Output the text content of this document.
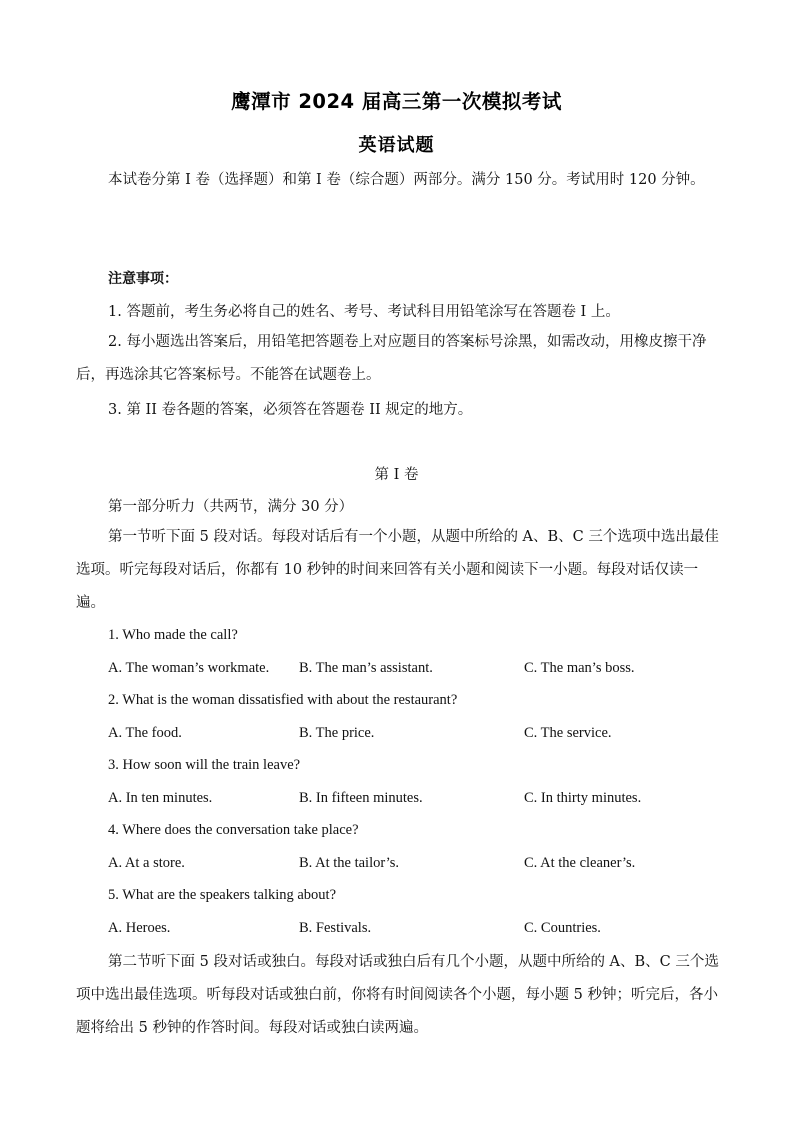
鹰潭市 2024 届高三第一次模拟考试
英语试题

本试卷分第 I 卷（选择题）和第 I 卷（综合题）两部分。满分 150 分。考试用时 120 分钟。

注意事项：
1. 答题前，考生务必将自己的姓名、考号、考试科目用铅笔涂写在答题卷 I 上。

2. 每小题选出答案后，用铅笔把答题卷上对应题目的答案标号涂黑，如需改动，用橡皮擦干净后，再选涂其它答案标号。不能答在试题卷上。

3. 第 II 卷各题的答案，必须答在答题卷 II 规定的地方。
第 I 卷
第一部分听力（共两节，满分 30 分）

第一节听下面 5 段对话。每段对话后有一个小题，从题中所给的 A、B、C 三个选项中选出最佳选项。听完每段对话后，你都有 10 秒钟的时间来回答有关小题和阅读下一小题。每段对话仅读一遍。

1. Who made the call?
A. The woman’s workmate. B. The man’s assistant.	C. The man’s boss.
2. What is the woman dissatisfied with about the restaurant?
A. The food.	B. The price.	C. The service.
3. How soon will the train leave?
A. In ten minutes.	B. In fifteen minutes.	C. In thirty minutes.
4. Where does the conversation take place?
A. At a store.	B. At the tailor’s.	C. At the cleaner’s.
5. What are the speakers talking about?
A. Heroes.	B. Festivals.	C. Countries.

第二节听下面 5 段对话或独白。每段对话或独白后有几个小题，从题中所给的 A、B、C 三个选项中选出最佳选项。听每段对话或独白前，你将有时间阅读各个小题，每小题 5 秒钟；听完后，各小题将给出 5 秒钟的作答时间。每段对话或独白读两遍。
